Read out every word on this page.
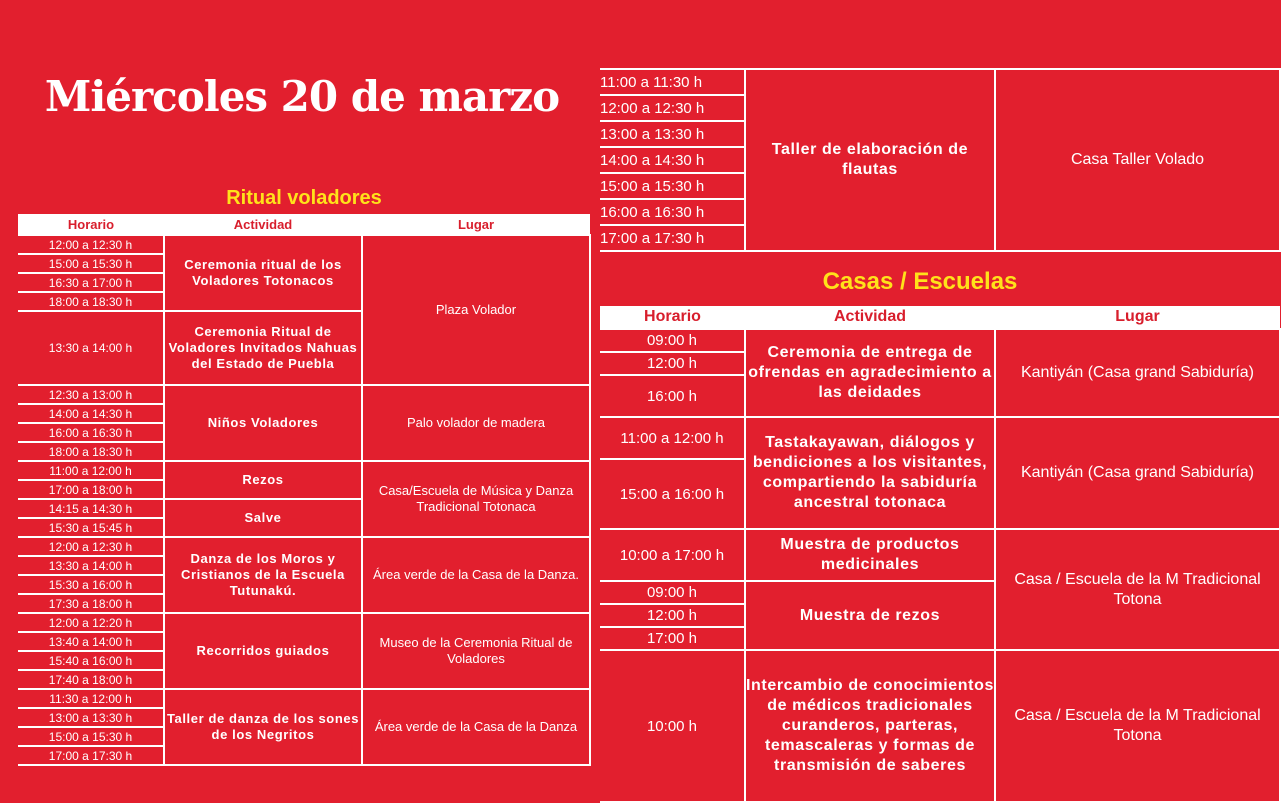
Miércoles 20 de marzo
Ritual voladores
Horario	Actividad	Lugar
12:00 a 12:30 h	Ceremonia ritual de los Voladores Totonacos	Plaza Volador
15:00 a 15:30 h		
16:30 a 17:00 h		
18:00 a 18:30 h		
13:30 a 14:00 h	Ceremonia Ritual de Voladores Invitados Nahuas del Estado de Puebla	
12:30 a 13:00 h	Niños Voladores	Palo volador de madera
14:00 a 14:30 h		
16:00 a 16:30 h		
18:00 a 18:30 h		
11:00 a 12:00 h	Rezos	Casa/Escuela de Música y Danza Tradicional Totonaca
17:00 a 18:00 h		
14:15 a 14:30 h	Salve	
15:30 a 15:45 h		
12:00 a 12:30 h	Danza de los Moros y Cristianos de la Escuela Tutunakú.	Área verde de la Casa de la Danza.
13:30 a 14:00 h		
15:30 a 16:00 h		
17:30 a 18:00 h		
12:00 a 12:20 h	Recorridos guiados	Museo de la Ceremonia Ritual de Voladores
13:40 a 14:00 h		
15:40 a 16:00 h		
17:40 a 18:00 h		
11:30 a 12:00 h	Taller de danza de los sones de los Negritos	Área verde de la Casa de la Danza
13:00 a 13:30 h		
15:00 a 15:30 h		
17:00 a 17:30 h		
11:00 a 11:30 h	Taller de elaboración de flautas	Casa Taller Volado
12:00 a 12:30 h
13:00 a 13:30 h
14:00 a 14:30 h
15:00 a 15:30 h
16:00 a 16:30 h
17:00 a 17:30 h
Casas / Escuelas
Horario	Actividad	Lugar
09:00 h	Ceremonia de entrega de ofrendas en agradecimiento a las deidades	Kantiyán (Casa grand Sabiduría)
12:00 h		
16:00 h		
11:00 a 12:00 h	Tastakayawan, diálogos y bendiciones a los visitantes, compartiendo la sabiduría ancestral totonaca	Kantiyán (Casa grand Sabiduría)
15:00 a 16:00 h		
10:00 a 17:00 h	Muestra de productos medicinales	Casa / Escuela de la M Tradicional Totona
09:00 h	Muestra de rezos	
12:00 h		
17:00 h		
10:00 h	Intercambio de conocimientos de médicos tradicionales curanderos, parteras, temascaleras y formas de transmisión de saberes	Casa / Escuela de la M Tradicional Totona
